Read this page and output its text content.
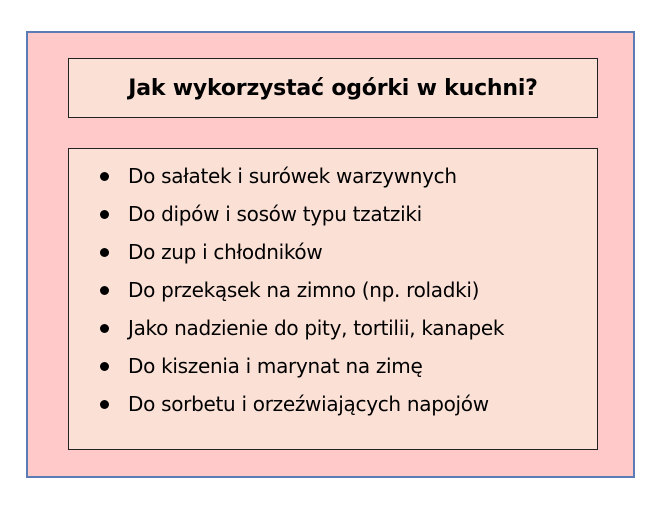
Jak wykorzystać ogórki w kuchni?
Do sałatek i surówek warzywnych
Do dipów i sosów typu tzatziki
Do zup i chłodników
Do przekąsek na zimno (np. roladki)
Jako nadzienie do pity, tortilii, kanapek
Do kiszenia i marynat na zimę
Do sorbetu i orzeźwiających napojów
